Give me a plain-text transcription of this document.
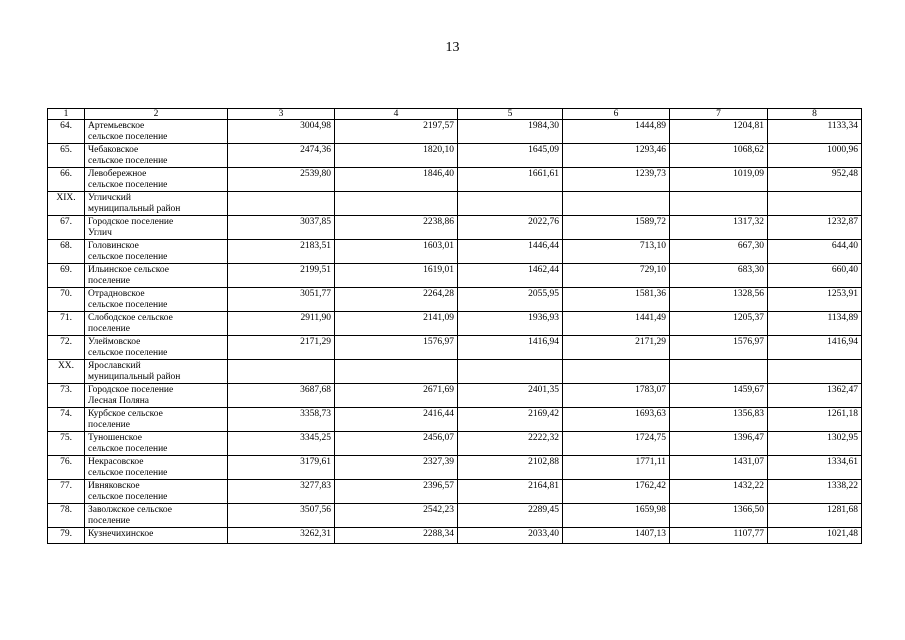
13
1	2	3	4	5	6	7	8
64.	Артемьевское
сельское поселение	3004,98	2197,57	1984,30	1444,89	1204,81	1133,34
65.	Чебаковское
сельское поселение	2474,36	1820,10	1645,09	1293,46	1068,62	1000,96
66.	Левобережное
сельское поселение	2539,80	1846,40	1661,61	1239,73	1019,09	952,48
XIX.	Угличский
муниципальный район						
67.	Городское поселение
Углич	3037,85	2238,86	2022,76	1589,72	1317,32	1232,87
68.	Головинское
сельское поселение	2183,51	1603,01	1446,44	713,10	667,30	644,40
69.	Ильинское сельское
поселение	2199,51	1619,01	1462,44	729,10	683,30	660,40
70.	Отрадновское
сельское поселение	3051,77	2264,28	2055,95	1581,36	1328,56	1253,91
71.	Слободское сельское
поселение	2911,90	2141,09	1936,93	1441,49	1205,37	1134,89
72.	Улеймовское
сельское поселение	2171,29	1576,97	1416,94	2171,29	1576,97	1416,94
XX.	Ярославский
муниципальный район						
73.	Городское поселение
Лесная Поляна	3687,68	2671,69	2401,35	1783,07	1459,67	1362,47
74.	Курбское сельское
поселение	3358,73	2416,44	2169,42	1693,63	1356,83	1261,18
75.	Туношенское
сельское поселение	3345,25	2456,07	2222,32	1724,75	1396,47	1302,95
76.	Некрасовское
сельское поселение	3179,61	2327,39	2102,88	1771,11	1431,07	1334,61
77.	Ивняковское
сельское поселение	3277,83	2396,57	2164,81	1762,42	1432,22	1338,22
78.	Заволжское сельское
поселение	3507,56	2542,23	2289,45	1659,98	1366,50	1281,68
79.	Кузнечихинское	3262,31	2288,34	2033,40	1407,13	1107,77	1021,48
